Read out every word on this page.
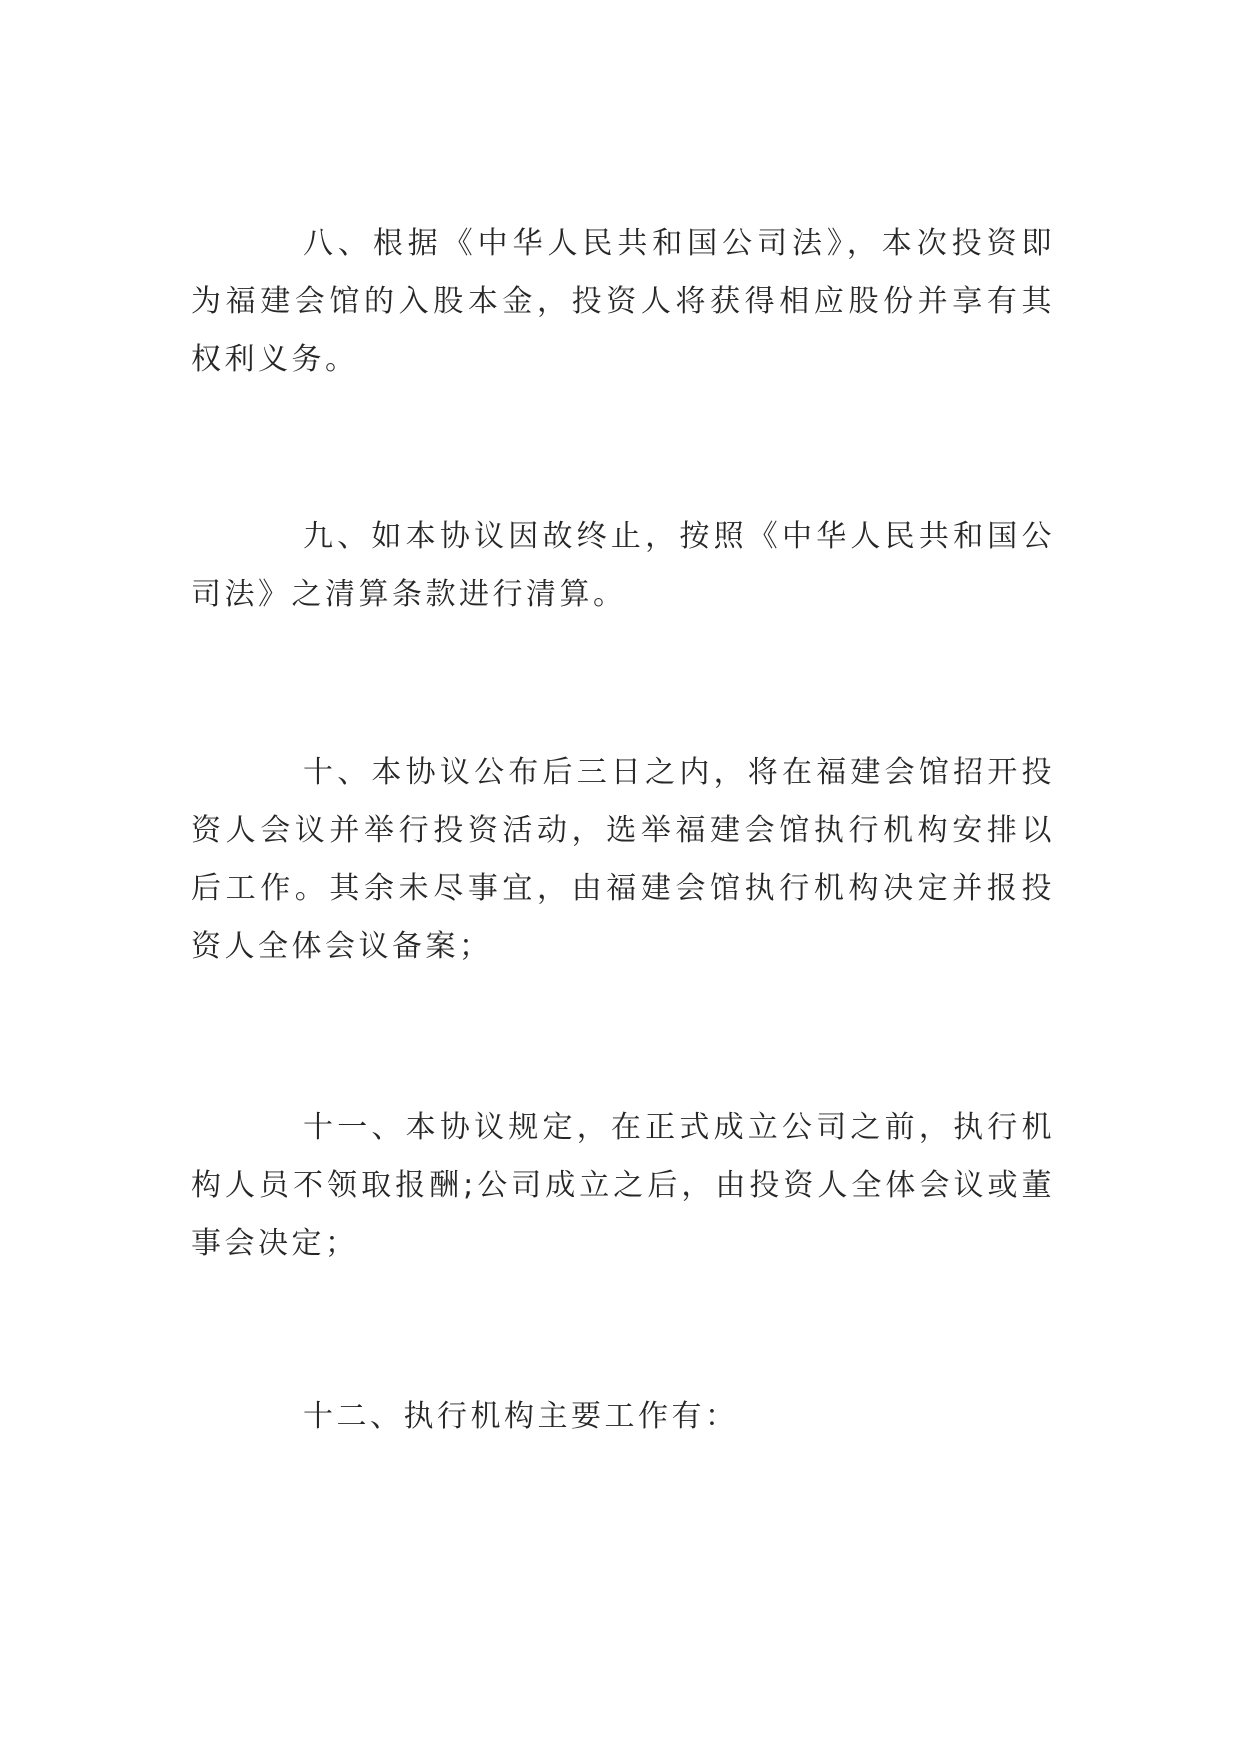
八、根据《中华人民共和国公司法》，本次投资即为福建会馆的入股本金，投资人将获得相应股份并享有其权利义务。

九、如本协议因故终止，按照《中华人民共和国公司法》之清算条款进行清算。

十、本协议公布后三日之内，将在福建会馆招开投资人会议并举行投资活动，选举福建会馆执行机构安排以后工作。其余未尽事宜，由福建会馆执行机构决定并报投资人全体会议备案；

十一、本协议规定，在正式成立公司之前，执行机构人员不领取报酬;公司成立之后，由投资人全体会议或董事会决定；

十二、执行机构主要工作有：
